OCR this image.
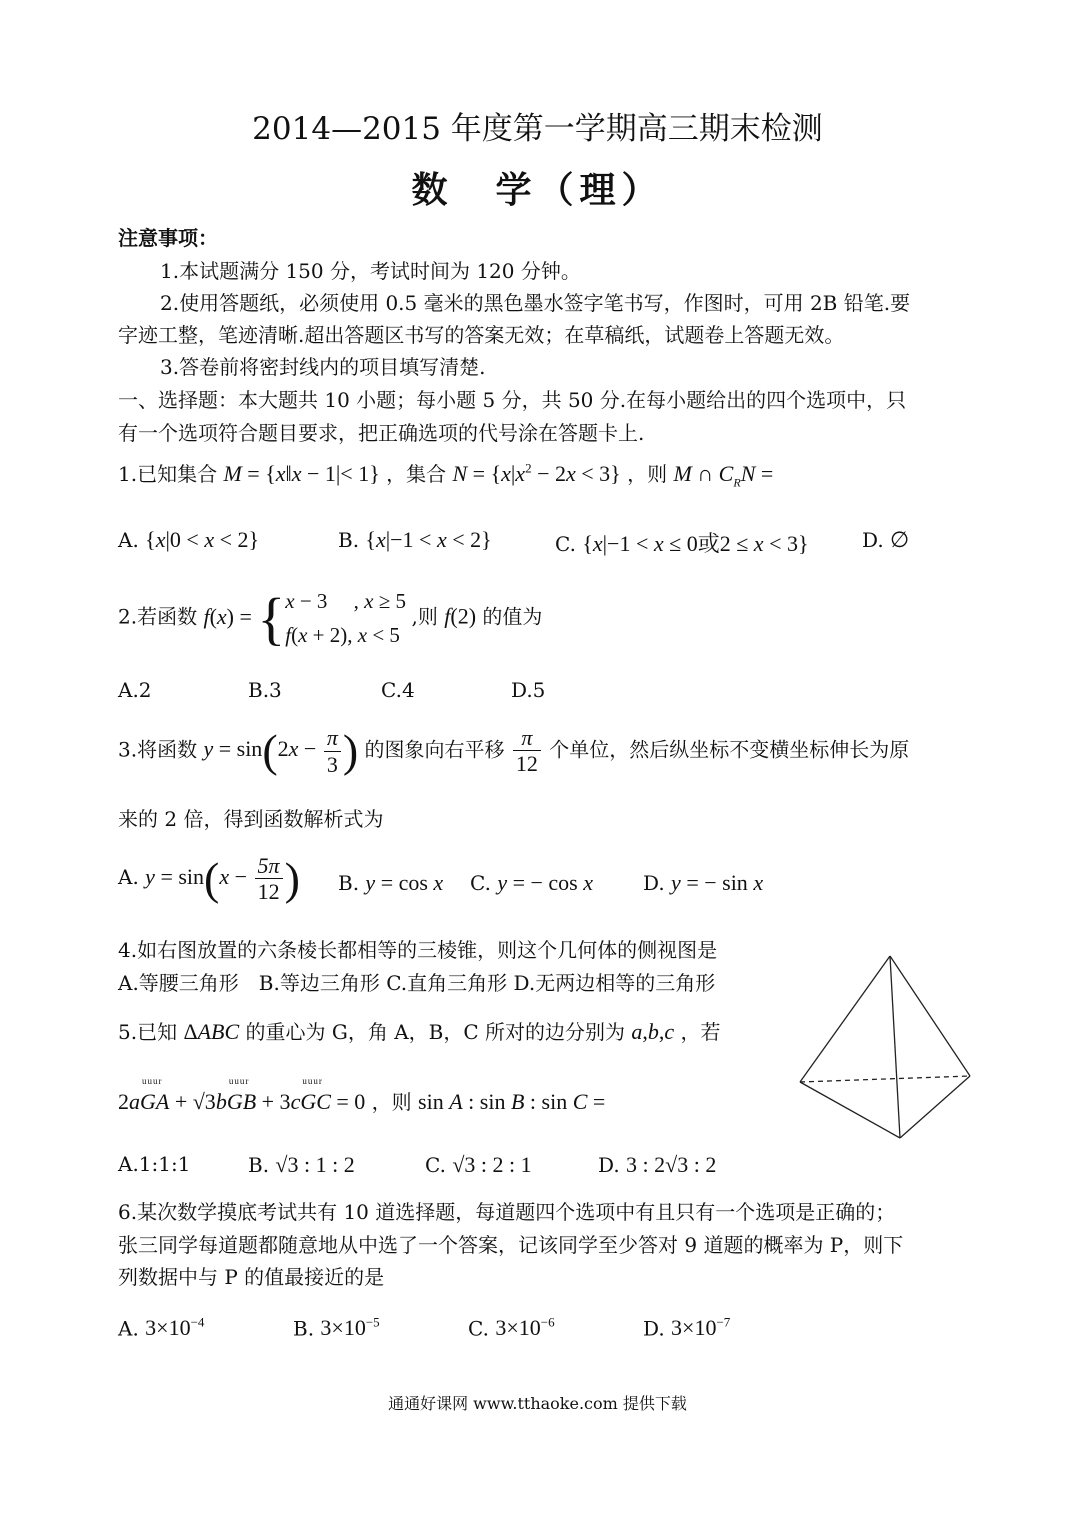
2014—2015 年度第一学期高三期末检测
数　学（理）
注意事项：
1.本试题满分 150 分，考试时间为 120 分钟。
2.使用答题纸，必须使用 0.5 毫米的黑色墨水签字笔书写，作图时，可用 2B 铅笔.要
字迹工整，笔迹清晰.超出答题区书写的答案无效；在草稿纸，试题卷上答题无效。
3.答卷前将密封线内的项目填写清楚.
一、选择题：本大题共 10 小题；每小题 5 分，共 50 分.在每小题给出的四个选项中，只
有一个选项符合题目要求，把正确选项的代号涂在答题卡上.
1.已知集合 M = {x‖x − 1|< 1} ，集合 $N = \{x|x^2 - 2x < 3\}$ ，则 M ∩ $C_RN$ =
A. {x|0 < x < 2}	B. {x|−1 < x < 2}	C. {x|−1 < x ≤ 0或2 ≤ x < 3}	D. ∅
2.若函数 f(x) = {x − 3     , x ≥ 5
f(x + 2), x < 5 ,则 f(2) 的值为
A.2	B.3	C.4	D.5
3.将函数 $y = \sin(2x - \frac{\pi}{3}$ ) 的图象向右平移 $\frac{\pi}{12}$ 个单位，然后纵坐标不变横坐标伸长为原
来的 2 倍，得到函数解析式为
A. $y = \sin(x - \frac{5\pi}{12}$ ) B. y = cos x C. y = − cos x	D. y = − sin x
4.如右图放置的六条棱长都相等的三棱锥，则这个几何体的侧视图是
A.等腰三角形　B.等边三角形 C.直角三角形 D.无两边相等的三角形
5.已知 ΔABC 的重心为 G，角 A，B，C 所对的边分别为 a,b,c ，若
2auuur GA + √3buuur GB + 3cuuur GC = 0 ，则 sin A : sin B : sin C =
A.1:1:1	B. √3 : 1 : 2	C. √3 : 2 : 1	D. 3 : 2√3 : 2
6.某次数学摸底考试共有 10 道选择题，每道题四个选项中有且只有一个选项是正确的；
张三同学每道题都随意地从中选了一个答案，记该同学至少答对 9 道题的概率为 P，则下
列数据中与 P 的值最接近的是
A. $3\times 10^{-4}$	B. $3\times 10^{-5}$	C. $3\times 10^{-6}$	D. $3\times 10^{-7}$
通通好课网 www.tthaoke.com 提供下载
